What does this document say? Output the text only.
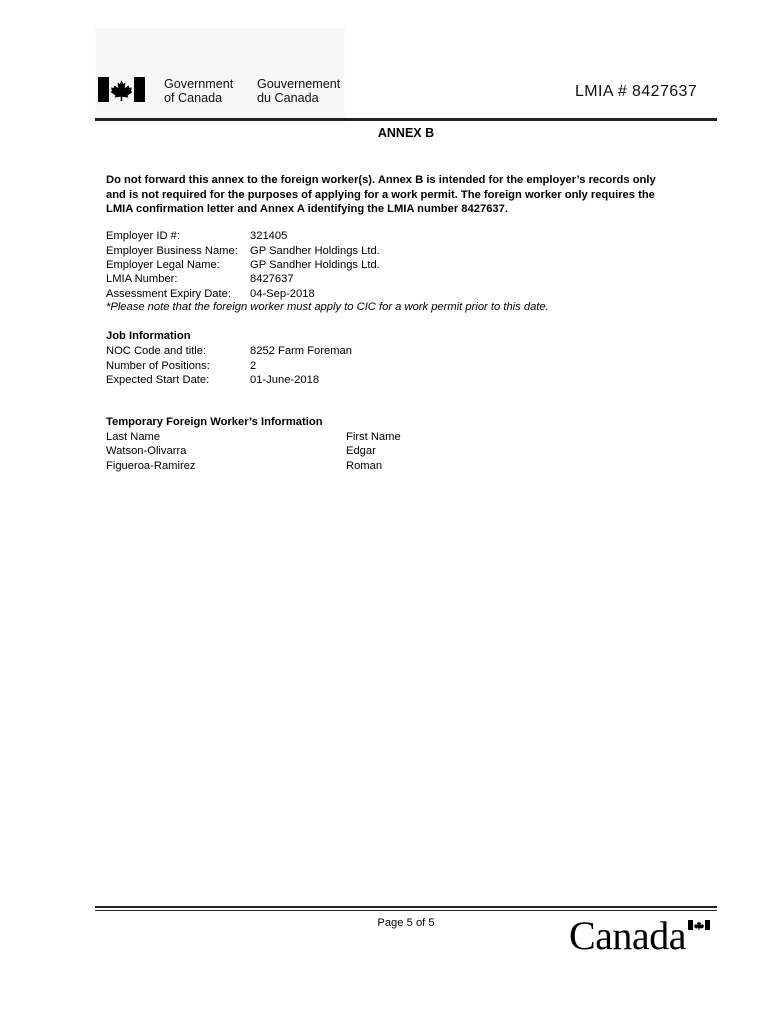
Government
of Canada
Gouvernement
du Canada	LMIA # 8427637
ANNEX B
Do not forward this annex to the foreign worker(s). Annex B is intended for the employer’s records only
and is not required for the purposes of applying for a work permit. The foreign worker only requires the
LMIA confirmation letter and Annex A identifying the LMIA number 8427637.
Employer ID #:	321405
Employer Business Name: GP Sandher Holdings Ltd.
Employer Legal Name:	GP Sandher Holdings Ltd.
LMIA Number:	8427637
Assessment Expiry Date: 04-Sep-2018
*Please note that the foreign worker must apply to CIC for a work permit prior to this date.
Job Information
NOC Code and title:	8252 Farm Foreman
Number of Positions:	2
Expected Start Date:	01-June-2018
Temporary Foreign Worker’s Information
Last Name	First Name
Watson-Olivarra	Edgar
Figueroa-Ramirez	Roman
Page 5 of 5	Canada
